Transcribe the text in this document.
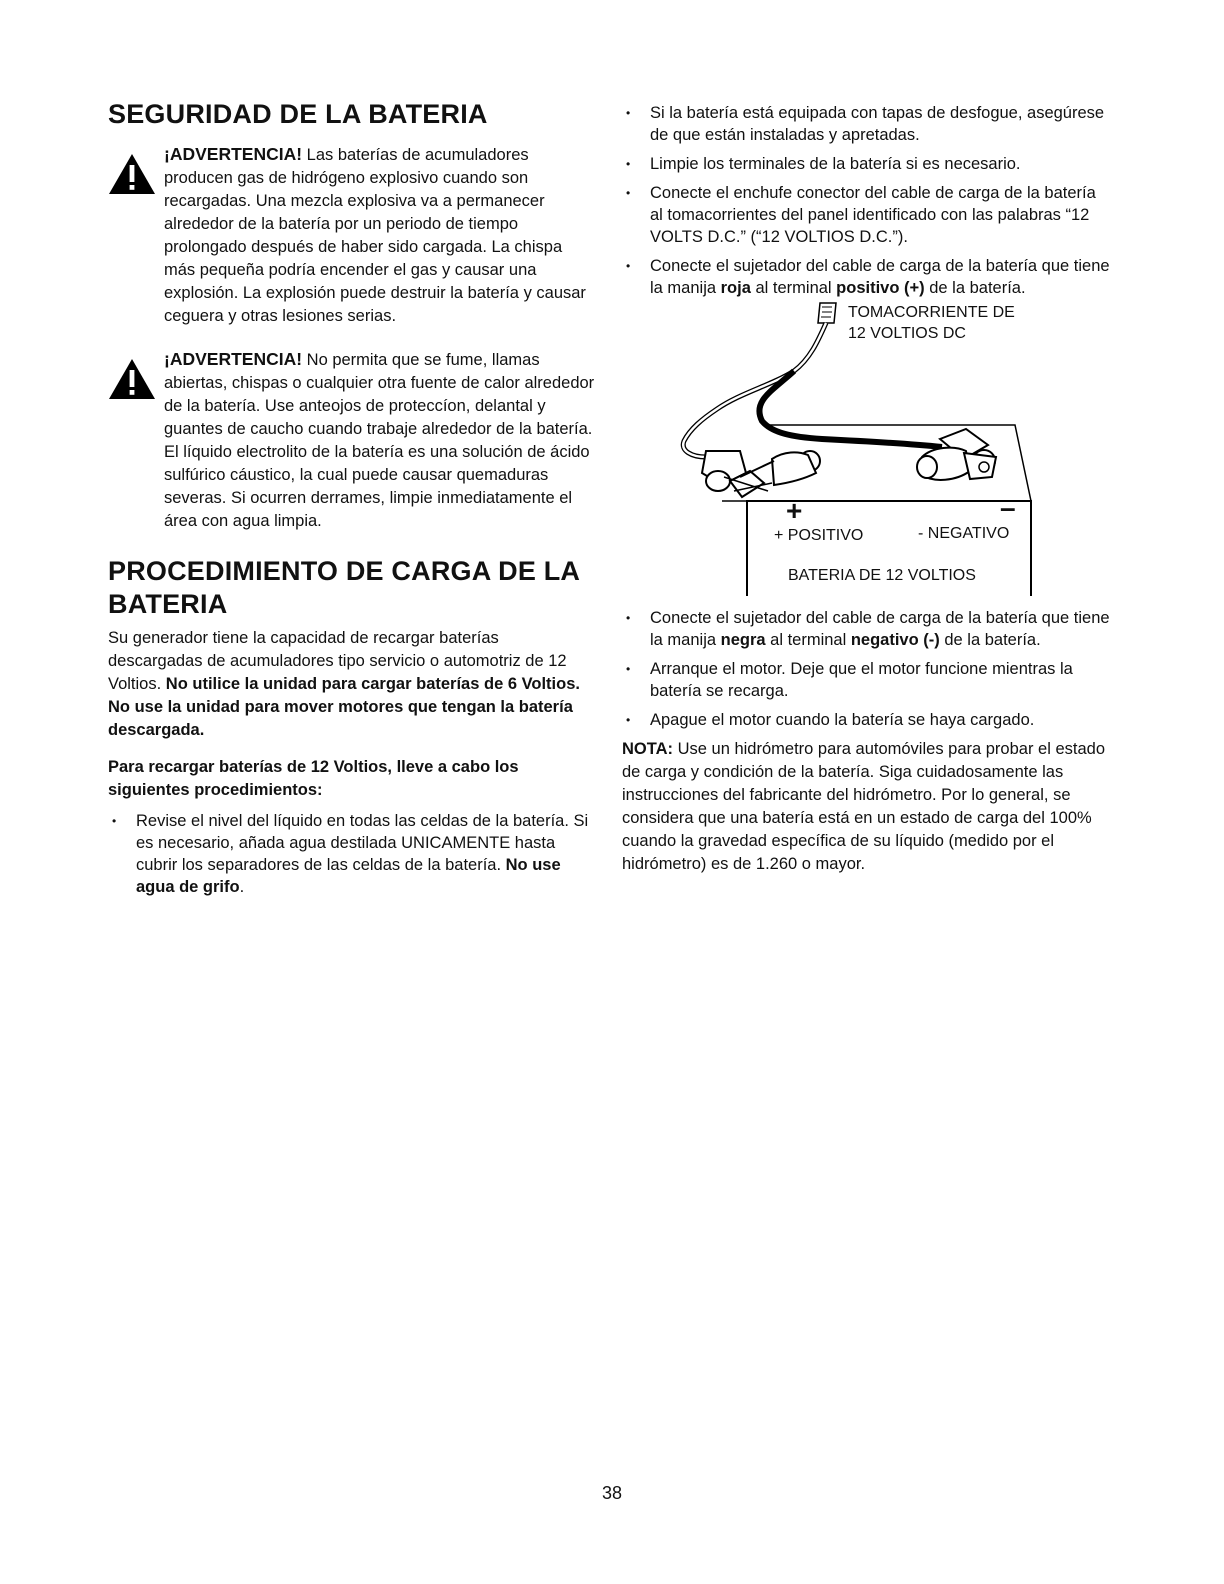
SEGURIDAD DE LA BATERIA

¡ADVERTENCIA! Las baterías de acumuladores producen gas de hidrógeno explosivo cuando son recargadas. Una mezcla explosiva va a permanecer alrededor de la batería por un periodo de tiempo prolongado después de haber sido cargada. La chispa más pequeña podría encender el gas y causar una explosión. La explosión puede destruir la batería y causar ceguera y otras lesiones serias.

¡ADVERTENCIA! No permita que se fume, llamas abiertas, chispas o cualquier otra fuente de calor alrededor de la batería. Use anteojos de proteccíon, delantal y guantes de caucho cuando trabaje alrededor de la batería. El líquido electrolito de la batería es una solución de ácido sulfúrico cáustico, la cual puede causar quemaduras severas. Si ocurren derrames, limpie inmediatamente el área con agua limpia.

PROCEDIMIENTO DE CARGA DE LA BATERIA

Su generador tiene la capacidad de recargar baterías descargadas de acumuladores tipo servicio o automotriz de 12 Voltios. No utilice la unidad para cargar baterías de 6 Voltios. No use la unidad para mover motores que tengan la batería descargada.

Para recargar baterías de 12 Voltios, lleve a cabo los siguientes procedimientos:

• Revise el nivel del líquido en todas las celdas de la batería. Si es necesario, añada agua destilada UNICAMENTE hasta cubrir los separadores de las celdas de la batería. No use agua de grifo.
• Si la batería está equipada con tapas de desfogue, asegúrese de que están instaladas y apretadas.
• Limpie los terminales de la batería si es necesario.
• Conecte el enchufe conector del cable de carga de la batería al tomacorrientes del panel identificado con las palabras “12 VOLTS D.C.” (“12 VOLTIOS D.C.”).
• Conecte el sujetador del cable de carga de la batería que tiene la manija roja al terminal positivo (+) de la batería.
TOMACORRIENTE DE
12 VOLTIOS DC
+	–
+ POSITIVO	- NEGATIVO
BATERIA DE 12 VOLTIOS
• Conecte el sujetador del cable de carga de la batería que tiene la manija negra al terminal negativo (-) de la batería.
• Arranque el motor. Deje que el motor funcione mientras la batería se recarga.
• Apague el motor cuando la batería se haya cargado.

NOTA: Use un hidrómetro para automóviles para probar el estado de carga y condición de la batería. Siga cuidadosamente las instrucciones del fabricante del hidrómetro. Por lo general, se considera que una batería está en un estado de carga del 100% cuando la gravedad específica de su líquido (medido por el hidrómetro) es de 1.260 o mayor.

38
